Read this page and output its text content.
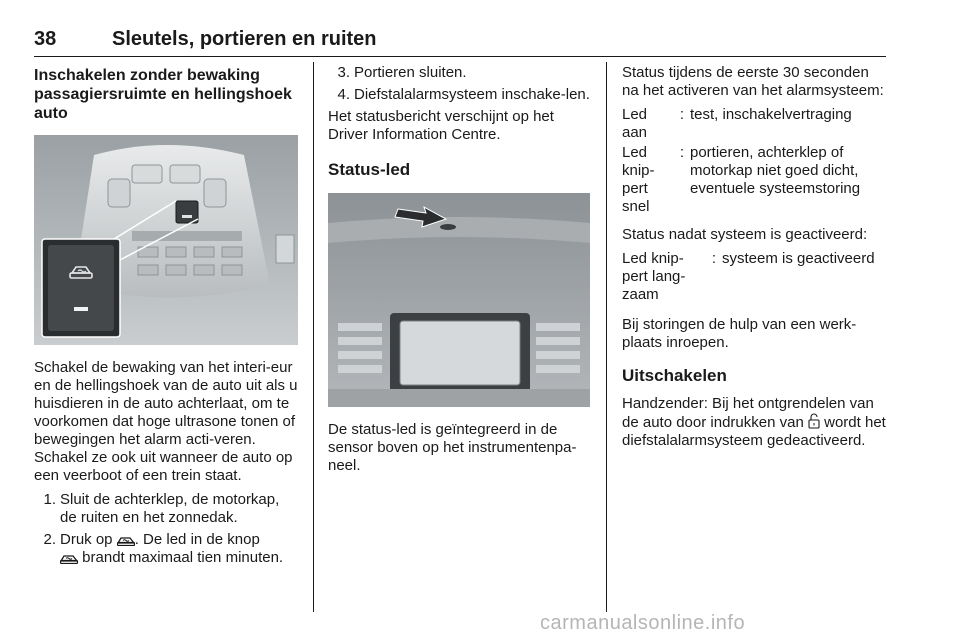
38	Sleutels, portieren en ruiten
Inschakelen zonder bewaking passagiersruimte en hellingshoek auto

Schakel de bewaking van het interi-eur en de hellingshoek van de auto uit als u huisdieren in de auto achterlaat, om te voorkomen dat hoge ultrasone tonen of bewegingen het alarm acti-veren. Schakel ze ook uit wanneer de auto op een veerboot of een trein staat.

1. Sluit de achterklep, de motorkap, de ruiten en het zonnedak.
2. Druk op . De led in de knop
brandt maximaal tien minuten.
3. Portieren sluiten.
4. Diefstalalarmsysteem inschake-len.

Het statusbericht verschijnt op het Driver Information Centre.

Status-led

De status-led is geïntegreerd in de sensor boven op het instrumentenpa-neel.

Status tijdens de eerste 30 seconden na het activeren van het alarmsysteem:

Led aan
: test, inschakelvertraging
Led knip-pert snel
: portieren, achterklep of motorkap niet goed dicht, eventuele systeemstoring

Status nadat systeem is geactiveerd:

Led knip-pert lang-zaam
: systeem is geactiveerd

Bij storingen de hulp van een werk-plaats inroepen.

Uitschakelen

Handzender: Bij het ontgrendelen van de auto door indrukken van  wordt het diefstalalarmsysteem gedeactiveerd.

carmanualsonline.info
